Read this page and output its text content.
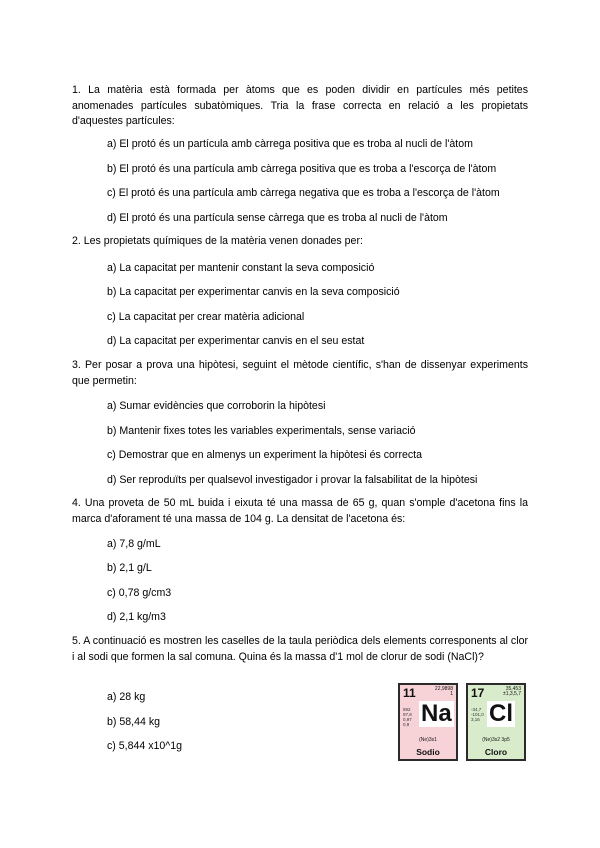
1. La matèria està formada per àtoms que es poden dividir en partícules més petites anomenades partícules subatòmiques. Tria la frase correcta en relació a les propietats d'aquestes partícules:
a) El protó és un partícula amb càrrega positiva que es troba al nucli de l'àtom
b) El protó és una partícula amb càrrega positiva que es troba a l'escorça de l'àtom
c) El protó és una partícula amb càrrega negativa que es troba a l'escorça de l'àtom
d) El protó és una partícula sense càrrega que es troba al nucli de l'àtom
2. Les propietats químiques de la matèria venen donades per:
a) La capacitat per mantenir constant la seva composició
b) La capacitat per experimentar canvis en la seva composició
c) La capacitat per crear matèria adicional
d) La capacitat per experimentar canvis en el seu estat
3. Per posar a prova una hipòtesi, seguint el mètode científic, s'han de dissenyar experiments que permetin:
a) Sumar evidències que corroborin la hipòtesi
b) Mantenir fixes totes les variables experimentals, sense variació
c) Demostrar que en almenys un experiment la hipòtesi és correcta
d) Ser reproduïts per qualsevol investigador i provar la falsabilitat de la hipòtesi
4. Una proveta de 50 mL buida i eixuta té una massa de 65 g, quan s'omple d'acetona fins la marca d'aforament té una massa de 104 g. La densitat de l'acetona és:
a) 7,8 g/mL
b) 2,1 g/L
c) 0,78 g/cm3
d) 2,1 kg/m3
5. A continuació es mostren les caselles de la taula periòdica dels elements corresponents al clor i al sodi que formen la sal comuna. Quina és la massa d'1 mol de clorur de sodi (NaCl)?
a) 28 kg
b) 58,44 kg
c) 5,844 x10^1g
11	22,9898
1
892
97,8
0,97
0,9 Na
(Ne)3s1
Sodio
17	35,453
±1,3,5,7
-34,7
-101,0
3,16 Cl
(Ne)3s2 3p5
Cloro
